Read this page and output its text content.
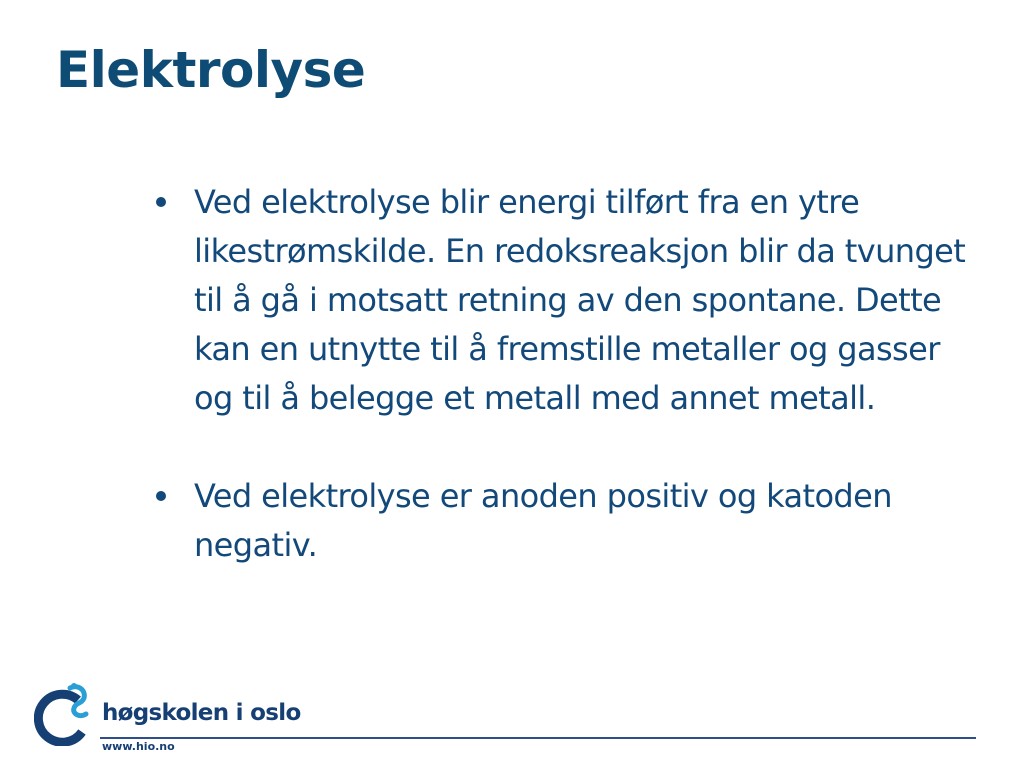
Elektrolyse
Ved elektrolyse blir energi tilført fra en ytre likestrømskilde. En redoksreaksjon blir da tvunget til å gå i motsatt retning av den spontane. Dette kan en utnytte til å fremstille metaller og gasser og til å belegge et metall med annet metall.
Ved elektrolyse er anoden positiv og katoden negativ.
høgskolen i oslo
www.hio.no
